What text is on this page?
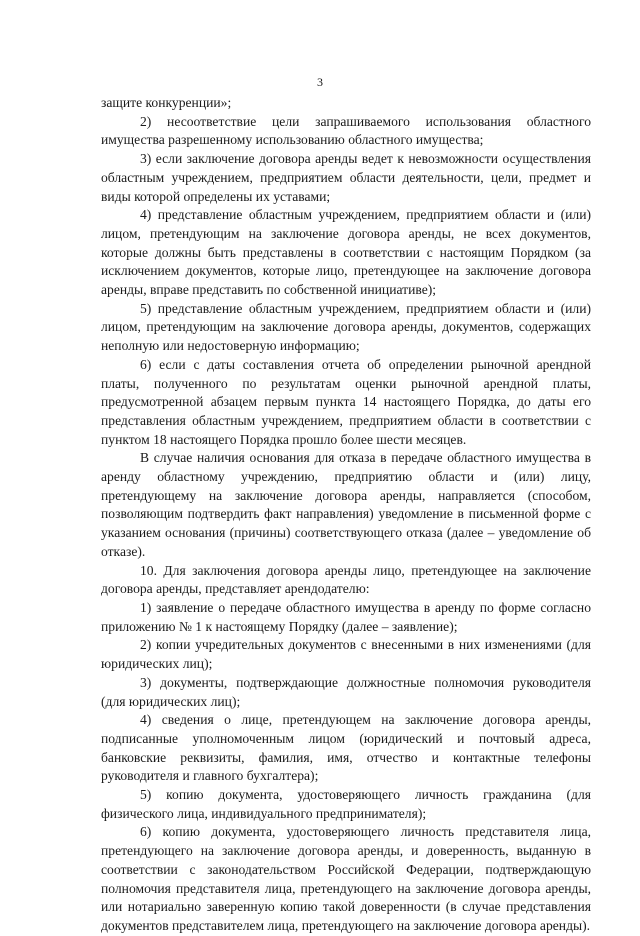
3

защите конкуренции»;

2) несоответствие цели запрашиваемого использования областного имущества разрешенному использованию областного имущества;

3) если заключение договора аренды ведет к невозможности осуществления областным учреждением, предприятием области деятельности, цели, предмет и виды которой определены их уставами;

4) представление областным учреждением, предприятием области и (или) лицом, претендующим на заключение договора аренды, не всех документов, которые должны быть представлены в соответствии с настоящим Порядком (за исключением документов, которые лицо, претендующее на заключение договора аренды, вправе представить по собственной инициативе);

5) представление областным учреждением, предприятием области и (или) лицом, претендующим на заключение договора аренды, документов, содержащих неполную или недостоверную информацию;

6) если с даты составления отчета об определении рыночной арендной платы, полученного по результатам оценки рыночной арендной платы, предусмотренной абзацем первым пункта 14 настоящего Порядка, до даты его представления областным учреждением, предприятием области в соответствии с пунктом 18 настоящего Порядка прошло более шести месяцев.

В случае наличия основания для отказа в передаче областного имущества в аренду областному учреждению, предприятию области и (или) лицу, претендующему на заключение договора аренды, направляется (способом, позволяющим подтвердить факт направления) уведомление в письменной форме с указанием основания (причины) соответствующего отказа (далее – уведомление об отказе).

10. Для заключения договора аренды лицо, претендующее на заключение договора аренды, представляет арендодателю:

1) заявление о передаче областного имущества в аренду по форме согласно приложению № 1 к настоящему Порядку (далее – заявление);

2) копии учредительных документов с внесенными в них изменениями (для юридических лиц);

3) документы, подтверждающие должностные полномочия руководителя (для юридических лиц);

4) сведения о лице, претендующем на заключение договора аренды, подписанные уполномоченным лицом (юридический и почтовый адреса, банковские реквизиты, фамилия, имя, отчество и контактные телефоны руководителя и главного бухгалтера);

5) копию документа, удостоверяющего личность гражданина (для физического лица, индивидуального предпринимателя);

6) копию документа, удостоверяющего личность представителя лица, претендующего на заключение договора аренды, и доверенность, выданную в соответствии с законодательством Российской Федерации, подтверждающую полномочия представителя лица, претендующего на заключение договора аренды, или нотариально заверенную копию такой доверенности (в случае представления документов представителем лица, претендующего на заключение договора аренды).
